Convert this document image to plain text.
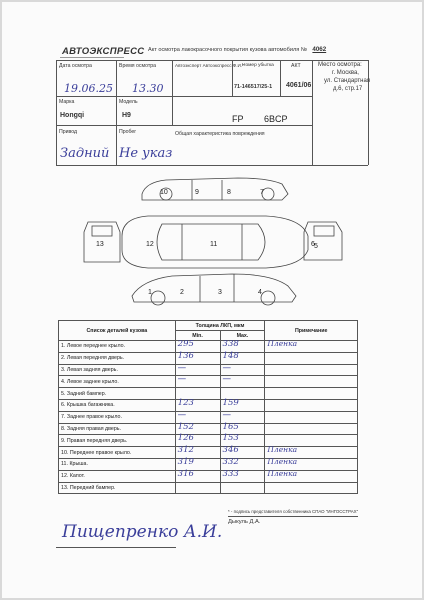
АВТОЭКСПРЕСС Акт осмотра лакокрасочного покрытия кузова автомобиля № 4062
Дата осмотра	Время осмотра	Автоэксперт Автоэкспресс Ф.И.*
Номер убытка	АКТ	Место осмотра:
г. Москва,
ул. Стандартная
д.6, стр.17
19.06.25 13.30	71-146517/25-1 4061/06
Марка	Модель
Hongqi	H9	FP 6BCP
Привод	Пробег	Общая характеристика повреждения
Задний Не указ
10	9	8	7
6 5
4
3
2
1
12	11
13
Список деталей кузова	Толщина ЛКП, мкм		Примечание
	Min.	Max.	
1. Левое переднее крыло.	295	338	Пленка

2. Левая передняя дверь.	136	148	

3. Левая задняя дверь.	—	—	

4. Левое заднее крыло.	—	—	

5. Задний бампер.	

6. Крышка багажника.	123	159	

7. Заднее правое крыло.	—	—	

8. Задняя правая дверь.	152	165	

9. Правая передняя дверь.	126	153	

10. Переднее правое крыло.	312	346	Пленка

11. Крыша.	319	332	Пленка

12. Капот.	316	333	Пленка

13. Передний бампер.	

Пищепренко А.И.
* - подпись представителя собственника СПАО "ИНГОССТРАХ"
Дыкуль Д.А.
